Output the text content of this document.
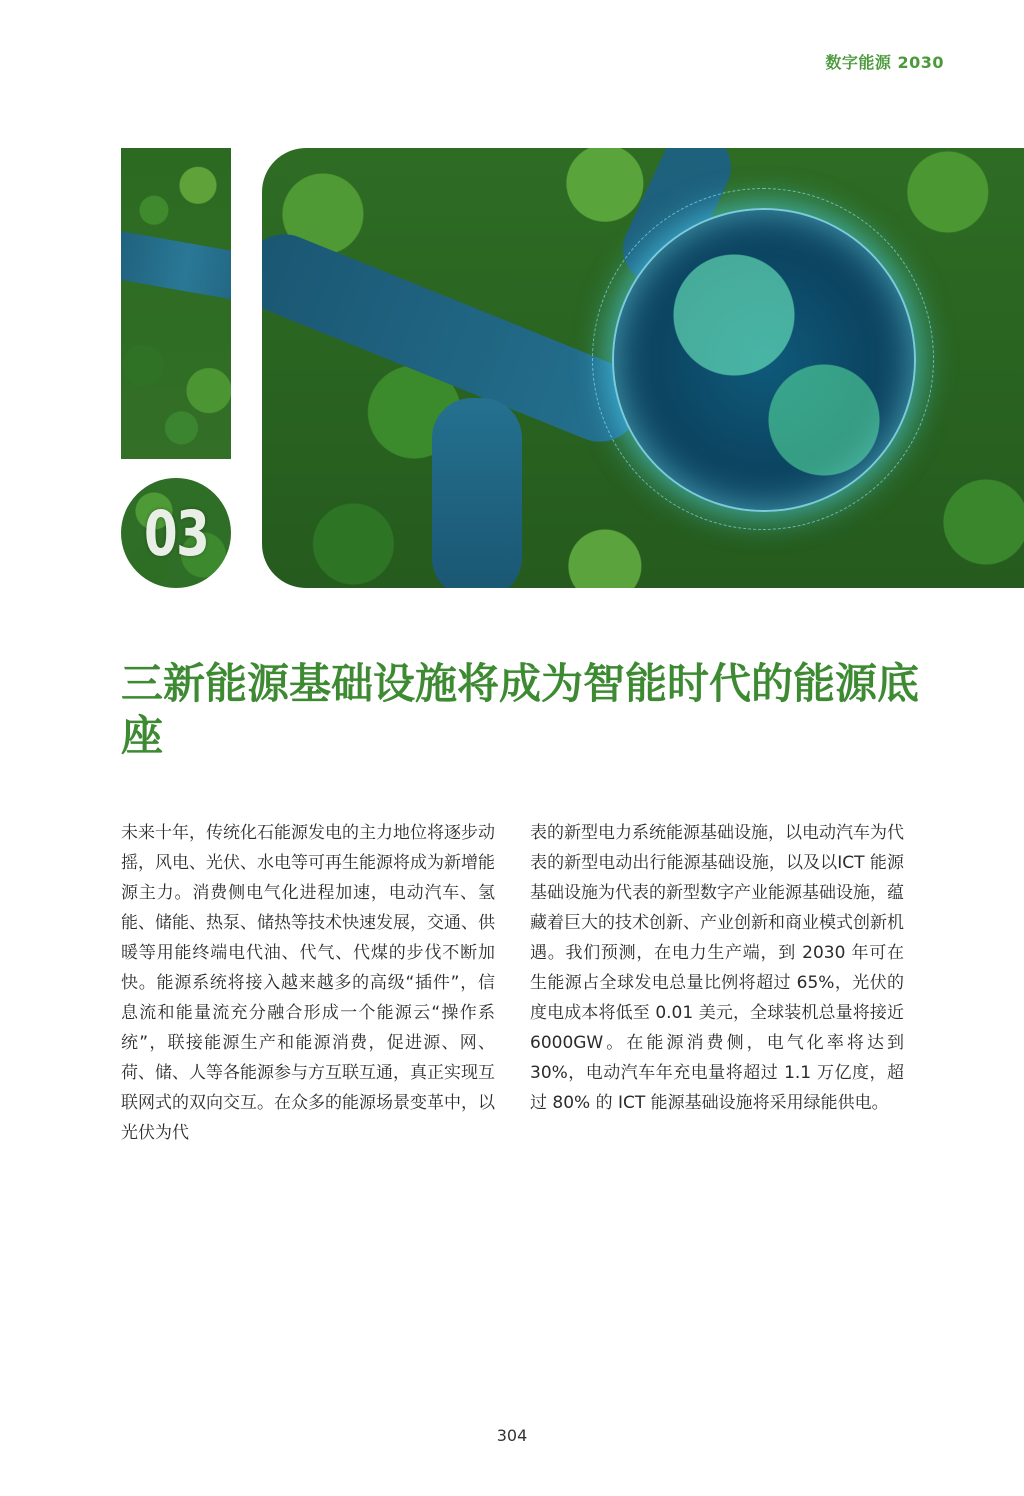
数字能源 2030
03
三新能源基础设施将成为智能时代的能源底座
未来十年，传统化石能源发电的主力地位将逐步动摇，风电、光伏、水电等可再生能源将成为新增能源主力。消费侧电气化进程加速，电动汽车、氢能、储能、热泵、储热等技术快速发展，交通、供暖等用能终端电代油、代气、代煤的步伐不断加快。能源系统将接入越来越多的高级“插件”，信息流和能量流充分融合形成一个能源云“操作系统”，联接能源生产和能源消费，促进源、网、荷、储、人等各能源参与方互联互通，真正实现互联网式的双向交互。在众多的能源场景变革中，以光伏为代
表的新型电力系统能源基础设施，以电动汽车为代表的新型电动出行能源基础设施，以及以ICT 能源基础设施为代表的新型数字产业能源基础设施，蕴藏着巨大的技术创新、产业创新和商业模式创新机遇。我们预测，在电力生产端，到 2030 年可在生能源占全球发电总量比例将超过 65%，光伏的度电成本将低至 0.01 美元，全球装机总量将接近 6000GW。在能源消费侧，电气化率将达到 30%，电动汽车年充电量将超过 1.1 万亿度，超过 80% 的 ICT 能源基础设施将采用绿能供电。
304
